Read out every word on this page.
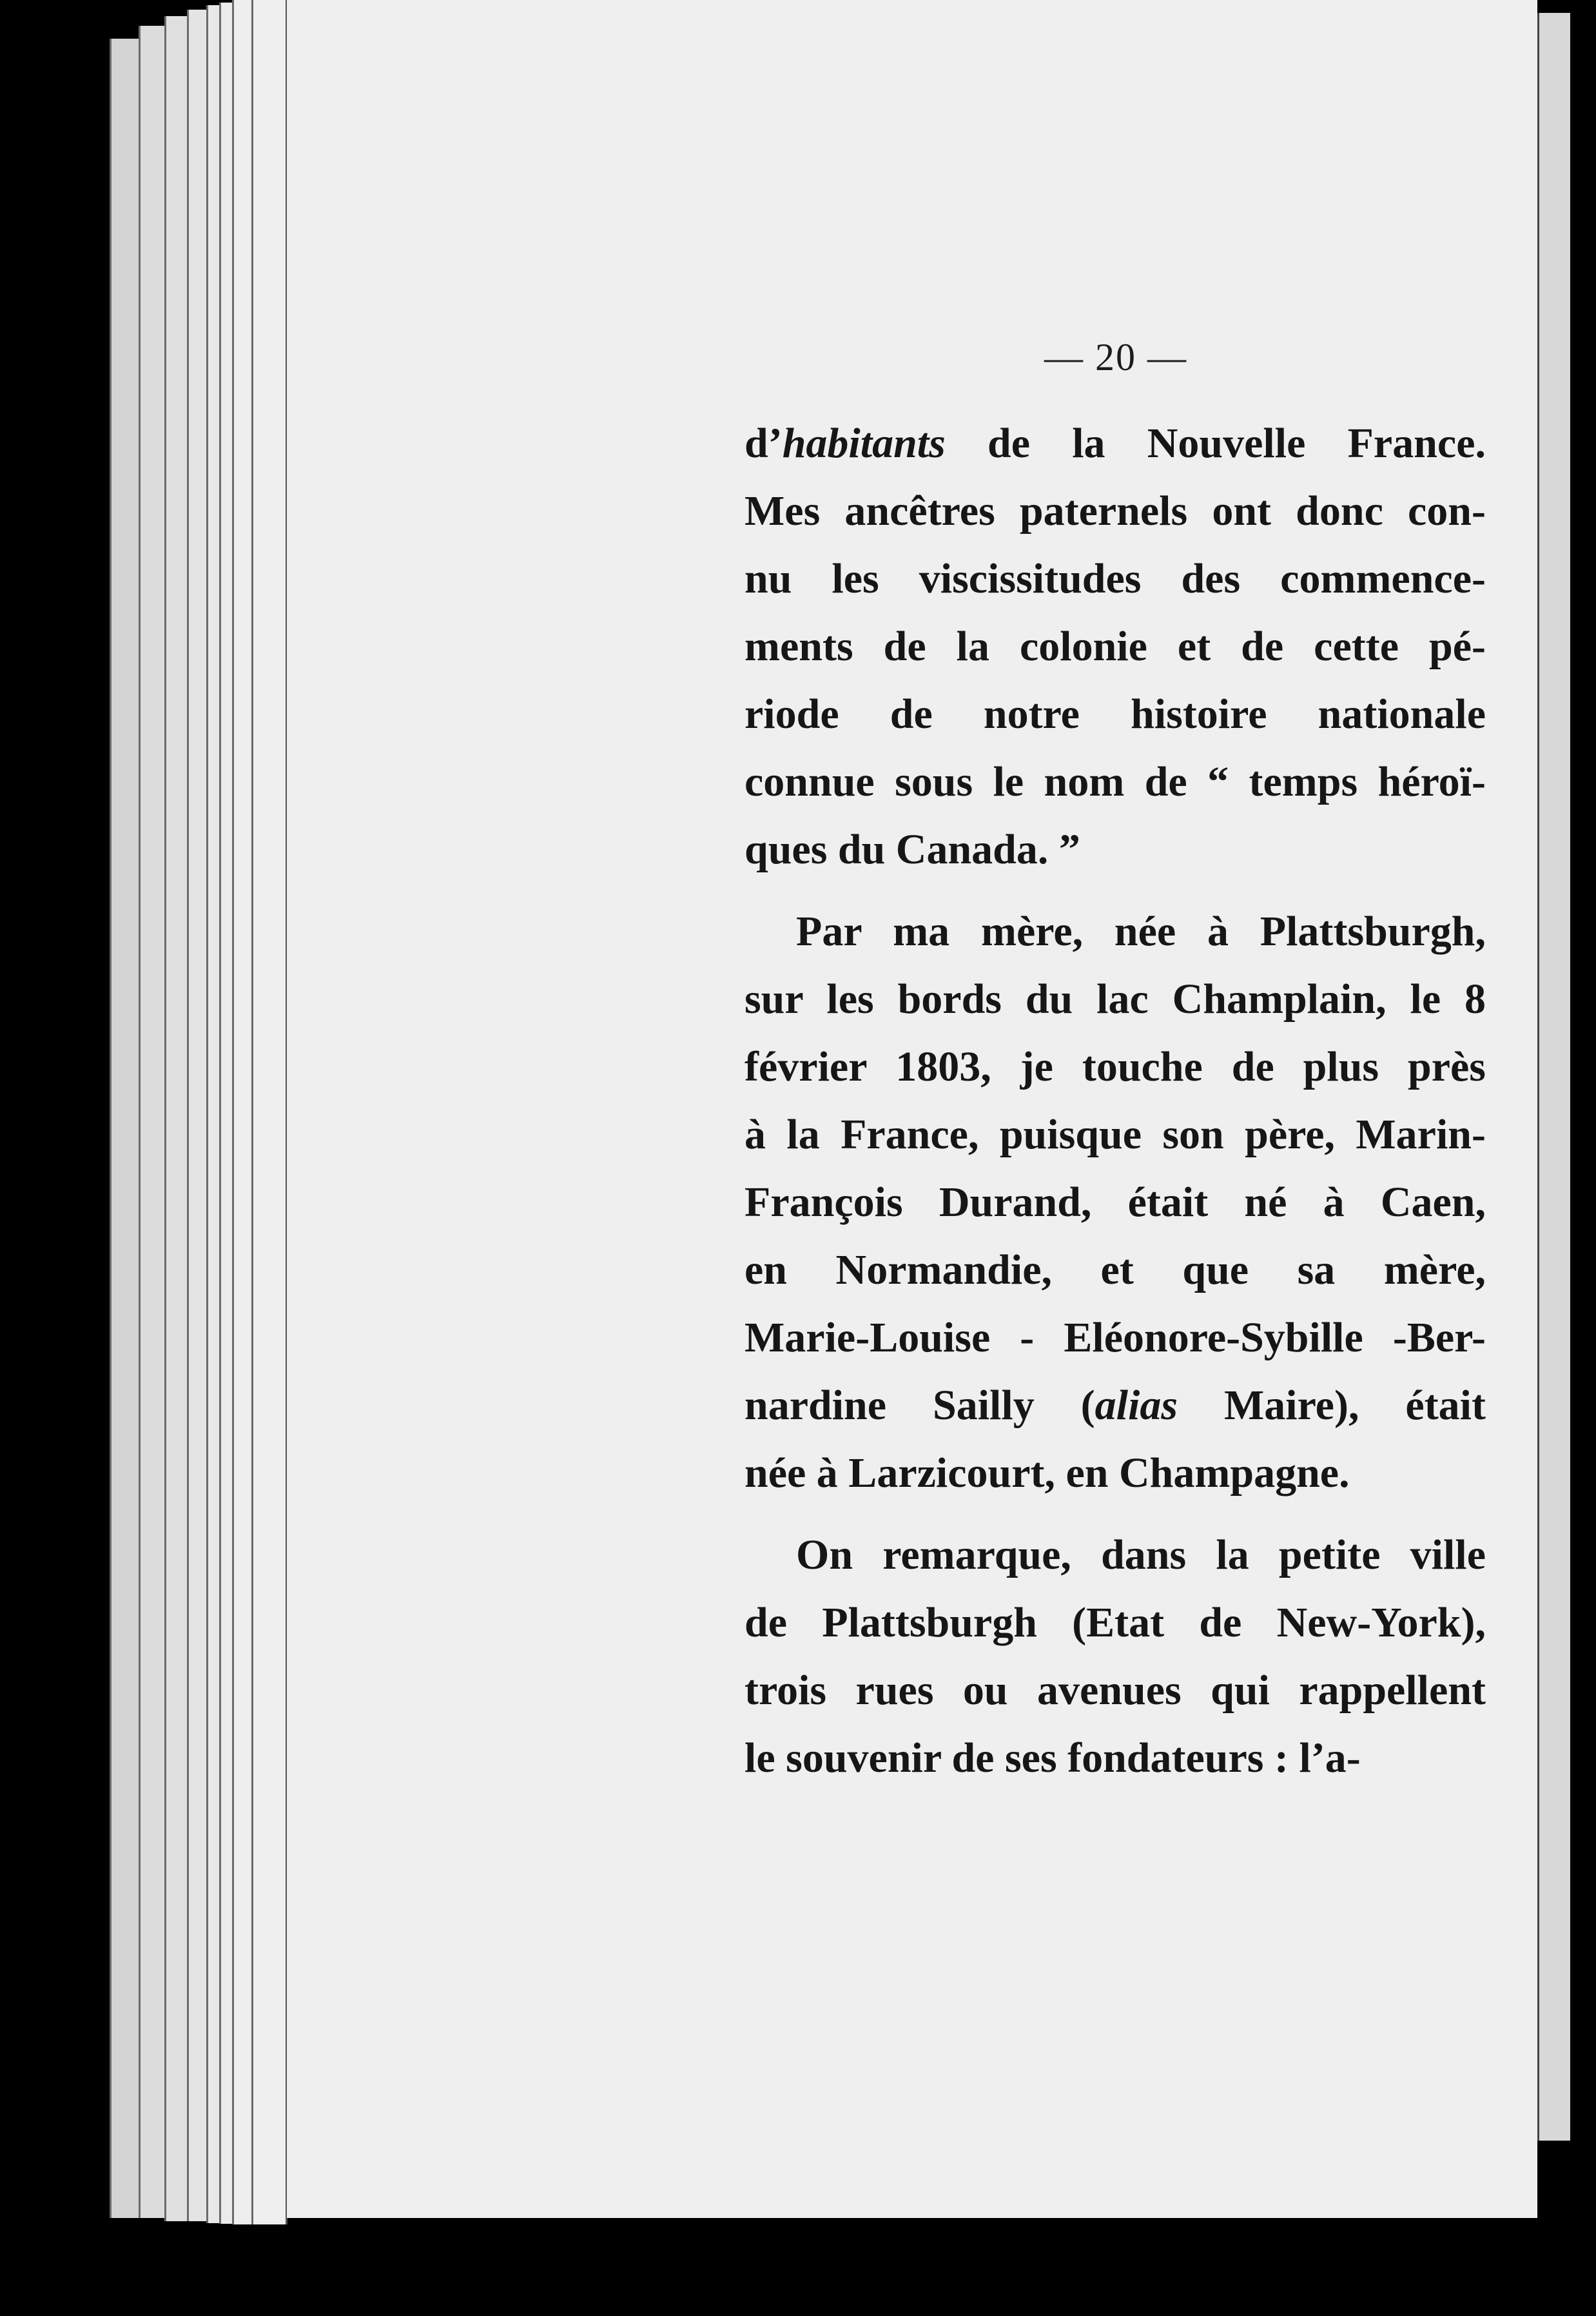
— 20 —

d’habitants de la Nouvelle France.
Mes ancêtres paternels ont donc con-
nu les viscissitudes des commence-
ments de la colonie et de cette pé-
riode de notre histoire nationale
connue sous le nom de “ temps héroï-
ques du Canada. ”

Par ma mère, née à Plattsburgh,
sur les bords du lac Champlain, le 8
février 1803, je touche de plus près
à la France, puisque son père, Marin-
François Durand, était né à Caen,
en Normandie, et que sa mère,
Marie-Louise - Eléonore-Sybille -Ber-
nardine Sailly (alias Maire), était
née à Larzicourt, en Champagne.

On remarque, dans la petite ville
de Plattsburgh (Etat de New-York),
trois rues ou avenues qui rappellent
le souvenir de ses fondateurs : l’a-
